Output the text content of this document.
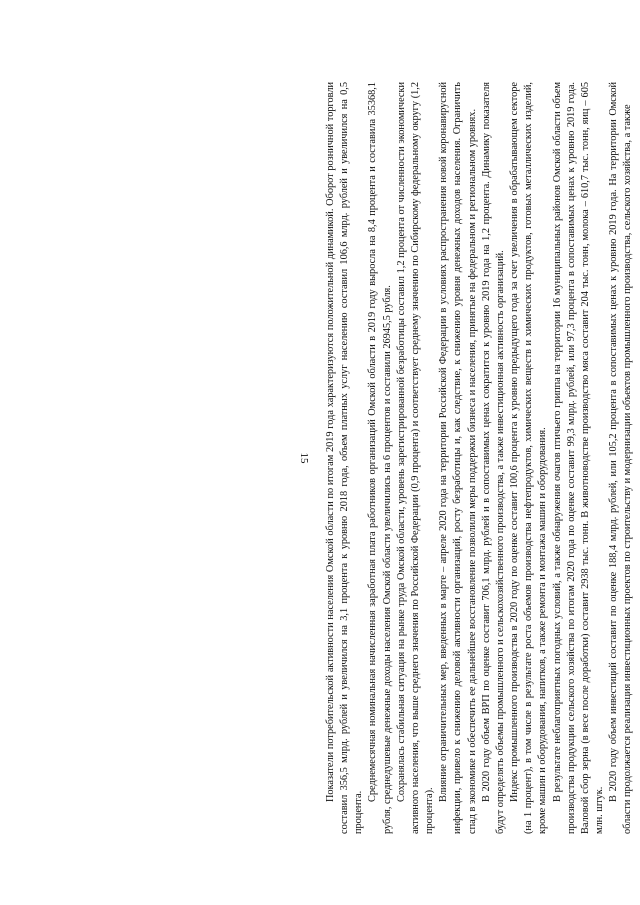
15 Показатели потребительской активности населения Омской области по итогам 2019 года характеризуются положительной динамикой. Оборот розничной торговли составил 356,5 млрд. рублей и увеличился на 3,1 процента к уровню 2018 года, объем платных услуг населению составил 106,6 млрд. рублей и увеличился на 0,5 процента.

Среднемесячная номинальная начисленная заработная плата работников организаций Омской области в 2019 году выросла на 8,4 процента и составила 35368,1 рубля, среднедушевые денежные доходы населения Омской области увеличились на 6 процентов и составили 26945,5 рубля. Сохранялась стабильная ситуация на рынке труда Омской области, уровень зарегистрированной безработицы составил 1,2 процента от численности экономически активного населения, что выше среднего значения по Российской Федерации (0,9 процента) и соответствует среднему значению по Сибирскому федеральному округу (1,2 процента).

Влияние ограничительных мер, введенных в марте – апреле 2020 года на территории Российской Федерации в условиях распространения новой коронавирусной инфекции, привело к снижению деловой активности организаций, росту безработицы и, как следствие, к снижению уровня денежных доходов населения. Ограничить спад в экономике и обеспечить ее дальнейшее восстановление позволили меры поддержки бизнеса и населения, принятые на федеральном и региональном уровнях. В 2020 году объем ВРП по оценке составит 706,1 млрд. рублей и в сопоставимых ценах сократится к уровню 2019 года на 1,2 процента. Динамику показателя будут определять объемы промышленного и сельскохозяйственного производства, а также инвестиционная активность организаций. Индекс промышленного производства в 2020 году по оценке составит 100,6 процента к уровню предыдущего года за счет увеличения в обрабатывающем секторе (на 1 процент), в том числе в результате роста объемов производства нефтепродуктов, химических веществ и химических продуктов, готовых металлических изделий, кроме машин и оборудования, напитков, а также ремонта и монтажа машин и оборудования. В результате неблагоприятных погодных условий, а также обнаружения очагов птичьего гриппа на территории 16 муниципальных районов Омской области объем производства продукции сельского хозяйства по итогам 2020 года по оценке составит 99,3 млрд. рублей, или 97,3 процента в сопоставимых ценах к уровню 2019 года. Валовой сбор зерна (в весе после доработки) составит 2938 тыс. тонн. В животноводстве производство мяса составит 204 тыс. тонн, молока – 610,7 тыс. тонн, яиц – 605 млн. штук.

В 2020 году объем инвестиций составит по оценке 188,4 млрд. рублей, или 105,2 процента в сопоставимых ценах к уровню 2019 года. На территории Омской области продолжается реализация инвестиционных проектов по строительству и модернизации объектов промышленного производства, сельского хозяйства, а также
